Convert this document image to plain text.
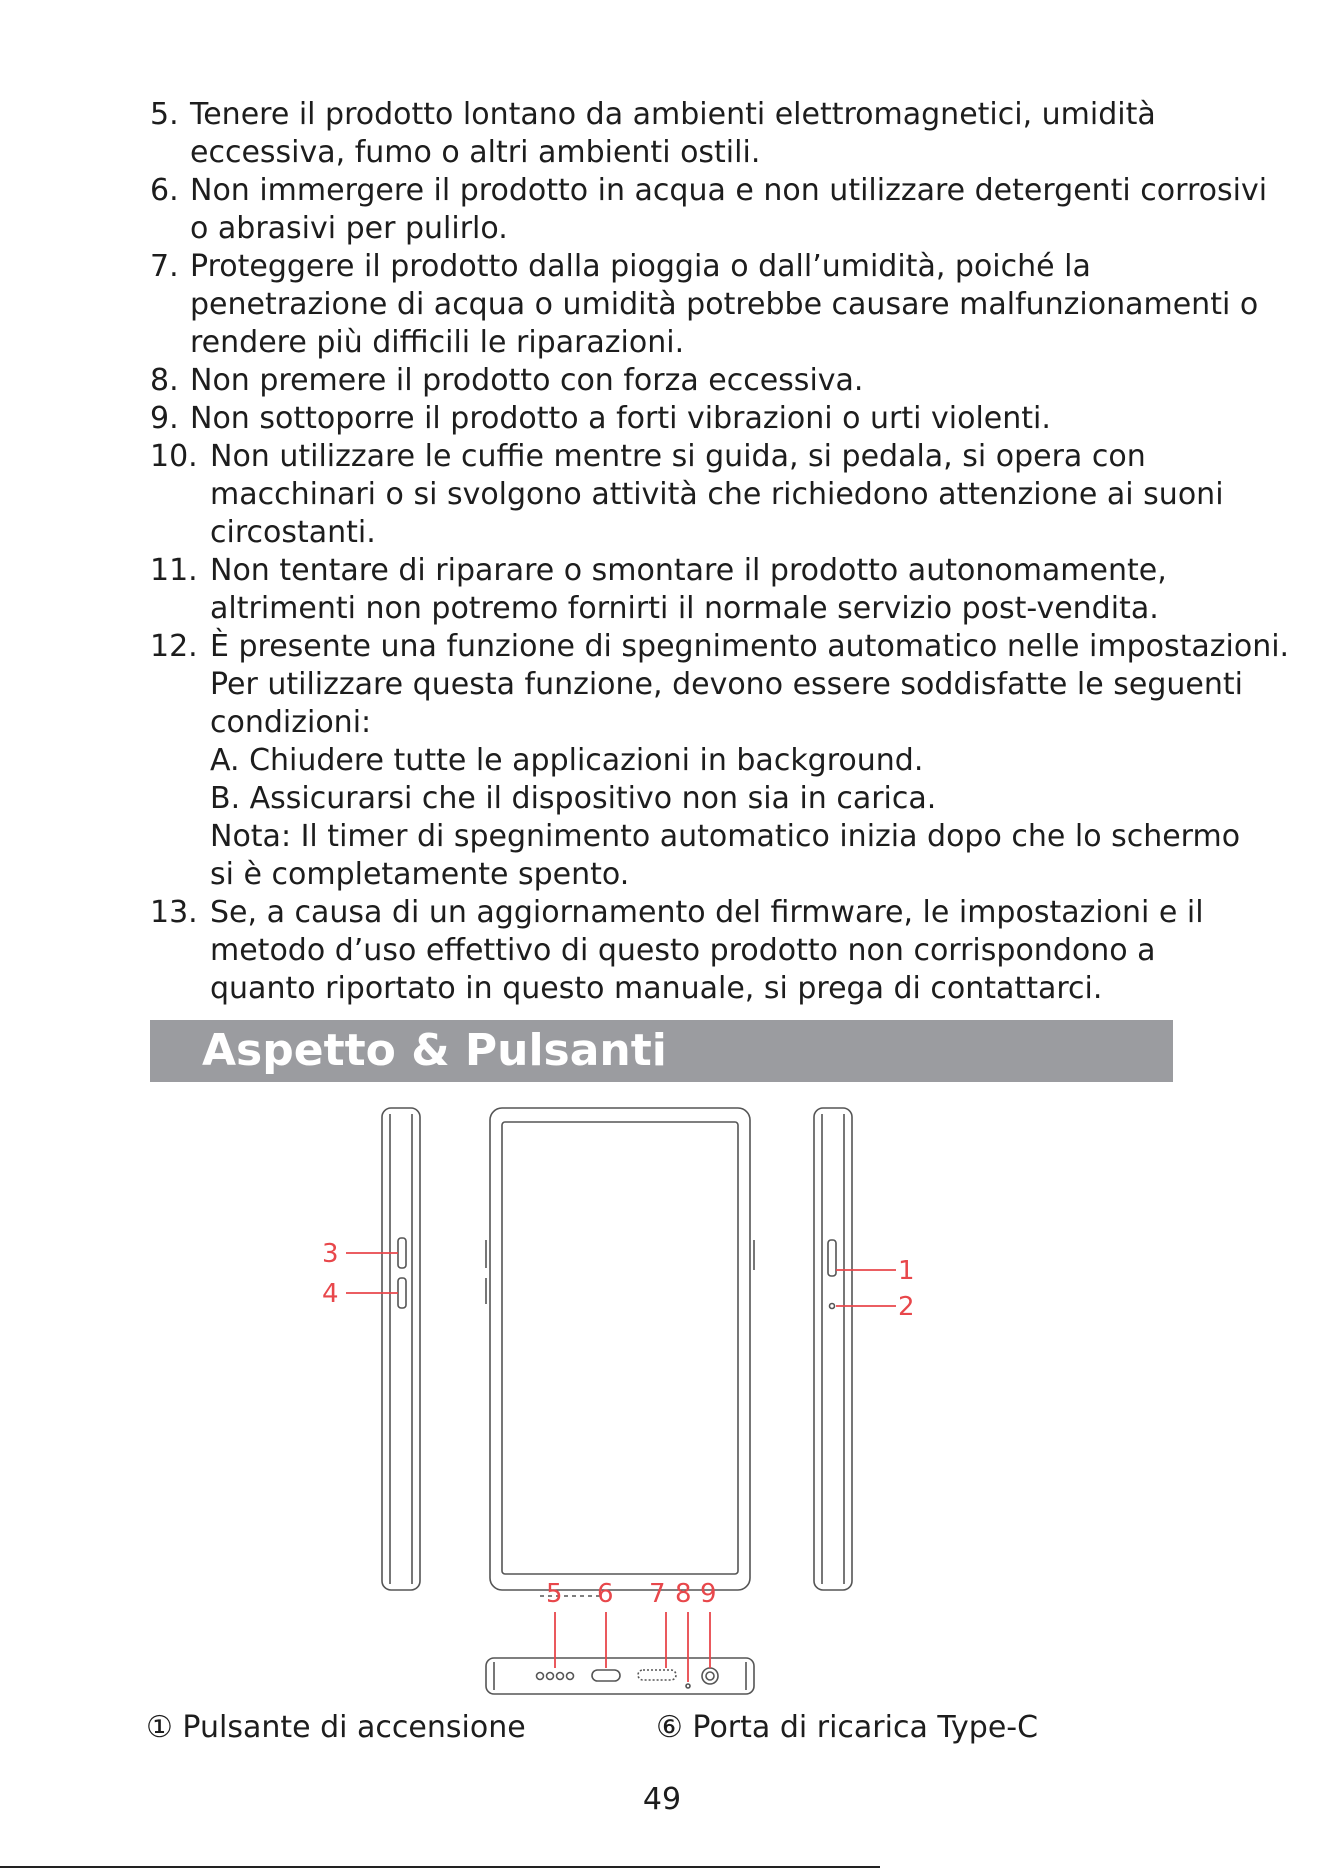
5. Tenere il prodotto lontano da ambienti elettromagnetici, umidità
eccessiva, fumo o altri ambienti ostili.
6. Non immergere il prodotto in acqua e non utilizzare detergenti corrosivi
o abrasivi per pulirlo.
7. Proteggere il prodotto dalla pioggia o dall’umidità, poiché la
penetrazione di acqua o umidità potrebbe causare malfunzionamenti o
rendere più difficili le riparazioni.
8. Non premere il prodotto con forza eccessiva.
9. Non sottoporre il prodotto a forti vibrazioni o urti violenti.
10. Non utilizzare le cuffie mentre si guida, si pedala, si opera con
macchinari o si svolgono attività che richiedono attenzione ai suoni
circostanti.
11. Non tentare di riparare o smontare il prodotto autonomamente,
altrimenti non potremo fornirti il normale servizio post-vendita.
12. È presente una funzione di spegnimento automatico nelle impostazioni.
Per utilizzare questa funzione, devono essere soddisfatte le seguenti
condizioni:
A. Chiudere tutte le applicazioni in background.
B. Assicurarsi che il dispositivo non sia in carica.
Nota: Il timer di spegnimento automatico inizia dopo che lo schermo
si è completamente spento.
13. Se, a causa di un aggiornamento del firmware, le impostazioni e il
metodo d’uso effettivo di questo prodotto non corrispondono a
quanto riportato in questo manuale, si prega di contattarci.
Aspetto & Pulsanti
3
4
1
2
5 6 7 8 9
① Pulsante di accensione	⑥ Porta di ricarica Type-C
49
